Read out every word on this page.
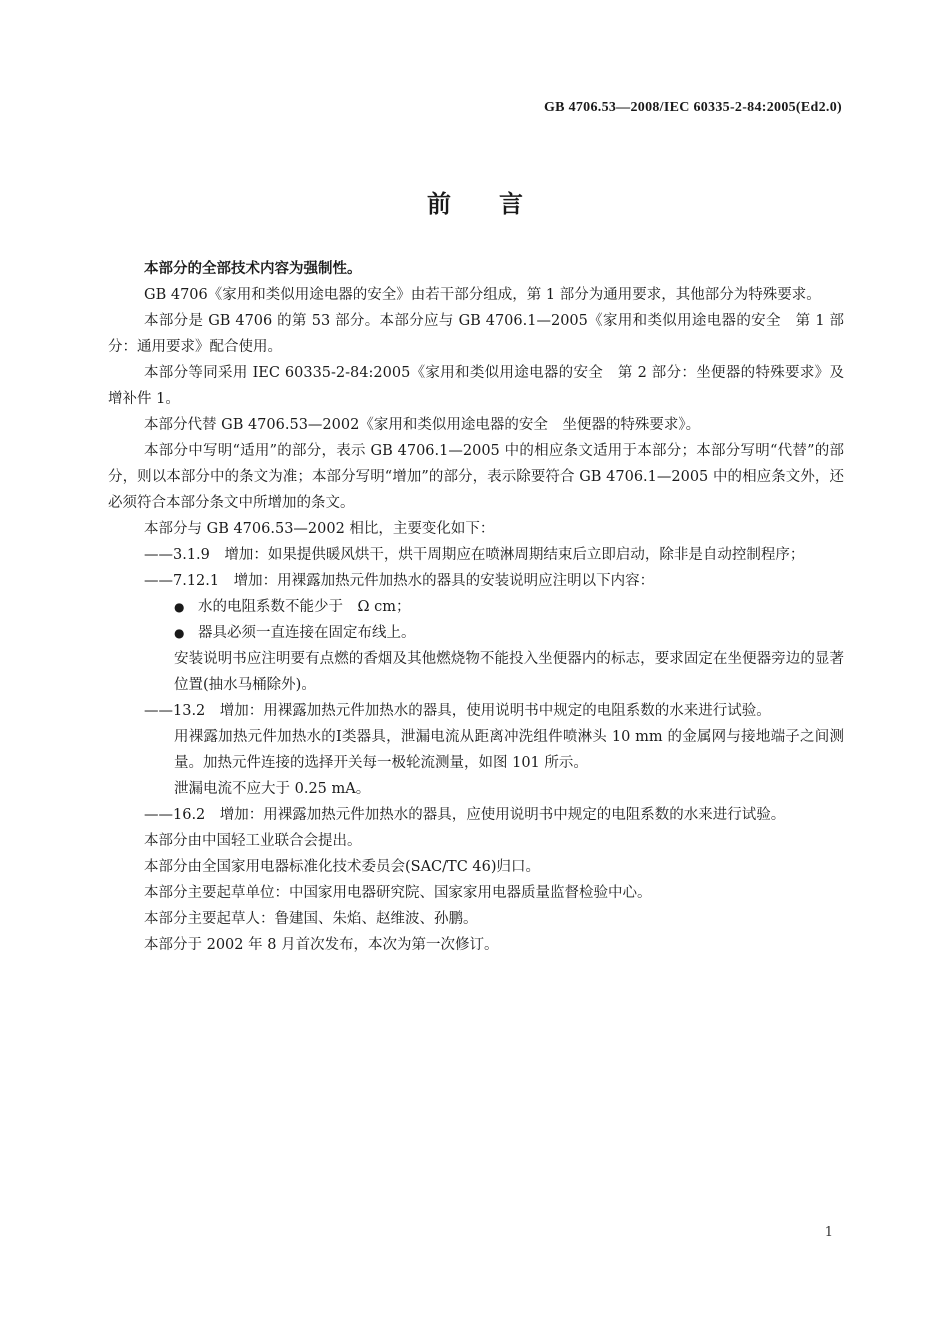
GB 4706.53—2008/IEC 60335-2-84:2005(Ed2.0)
前言

本部分的全部技术内容为强制性。

GB 4706《家用和类似用途电器的安全》由若干部分组成，第 1 部分为通用要求，其他部分为特殊要求。

本部分是 GB 4706 的第 53 部分。本部分应与 GB 4706.1—2005《家用和类似用途电器的安全　第 1 部分：通用要求》配合使用。

本部分等同采用 IEC 60335-2-84:2005《家用和类似用途电器的安全　第 2 部分：坐便器的特殊要求》及增补件 1。

本部分代替 GB 4706.53—2002《家用和类似用途电器的安全　坐便器的特殊要求》。

本部分中写明“适用”的部分，表示 GB 4706.1—2005 中的相应条文适用于本部分；本部分写明“代替”的部分，则以本部分中的条文为准；本部分写明“增加”的部分，表示除要符合 GB 4706.1—2005 中的相应条文外，还必须符合本部分条文中所增加的条文。

本部分与 GB 4706.53—2002 相比，主要变化如下：

——3.1.9　增加： 如果提供暖风烘干，烘干周期应在喷淋周期结束后立即启动，除非是自动控制程序；
——7.12.1　增加： 用裸露加热元件加热水的器具的安装说明应注明以下内容：
● 水的电阻系数不能少于　Ω cm；
● 器具必须一直连接在固定布线上。

安装说明书应注明要有点燃的香烟及其他燃烧物不能投入坐便器内的标志，要求固定在坐便器旁边的显著位置(抽水马桶除外)。

——13.2　增加： 用裸露加热元件加热水的器具，使用说明书中规定的电阻系数的水来进行试验。

用裸露加热元件加热水的Ⅰ类器具，泄漏电流从距离冲洗组件喷淋头 10 mm 的金属网与接地端子之间测量。加热元件连接的选择开关每一极轮流测量，如图 101 所示。

泄漏电流不应大于 0.25 mA。

——16.2　增加： 用裸露加热元件加热水的器具，应使用说明书中规定的电阻系数的水来进行试验。

本部分由中国轻工业联合会提出。

本部分由全国家用电器标准化技术委员会(SAC/TC 46)归口。

本部分主要起草单位：中国家用电器研究院、国家家用电器质量监督检验中心。

本部分主要起草人：鲁建国、朱焰、赵维波、孙鹏。

本部分于 2002 年 8 月首次发布，本次为第一次修订。

1
